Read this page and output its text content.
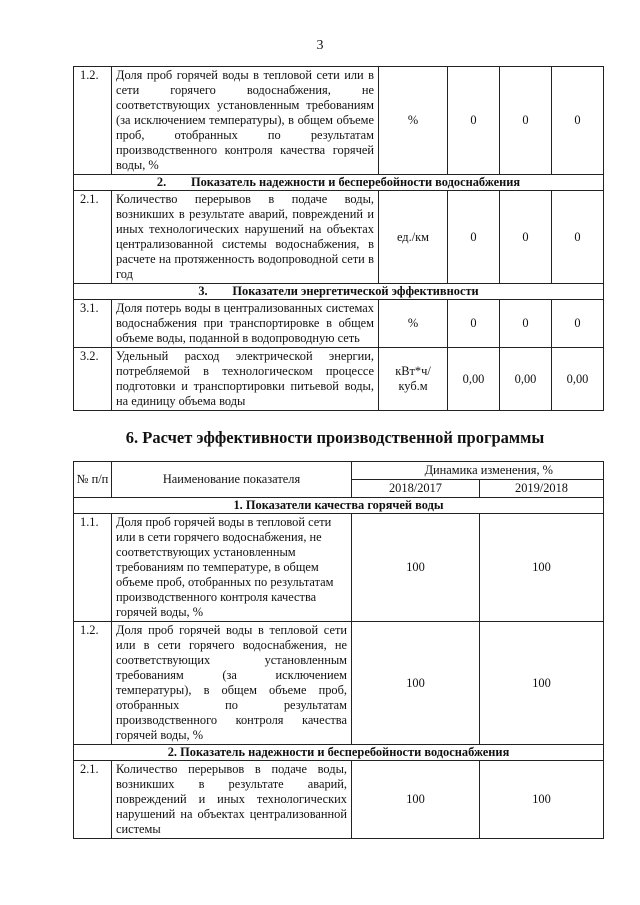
3
1.2.	Доля проб горячей воды в тепловой сети или в сети горячего водоснабжения, не соответствующих установленным требованиям (за исключением температуры), в общем объеме проб, отобранных по результатам производственного контроля качества горячей воды, %	%	0	0	0
2.        Показатель надежности и бесперебойности водоснабжения					
2.1.	Количество перерывов в подаче воды, возникших в результате аварий, повреждений и иных технологических нарушений на объектах централизованной системы водоснабжения, в расчете на протяженность водопроводной сети в год	ед./км	0	0	0
3.        Показатели энергетической эффективности					
3.1.	Доля потерь воды в централизованных системах водоснабжения при транспортировке в общем объеме воды, поданной в водопроводную сеть	%	0	0	0
3.2.	Удельный расход электрической энергии, потребляемой в технологическом процессе подготовки и транспортировки питьевой воды, на единицу объема воды	кВт*ч/ куб.м	0,00	0,00	0,00
6. Расчет эффективности производственной программы
№ п/п	Наименование показателя	Динамика изменения, %	
		2018/2017	2019/2018
1. Показатели качества горячей воды			
1.1.	Доля проб горячей воды в тепловой сети или в сети горячего водоснабжения, не соответствующих установленным требованиям по температуре, в общем объеме проб, отобранных по результатам производственного контроля качества горячей воды, %	100	100
1.2.	Доля проб горячей воды в тепловой сети или в сети горячего водоснабжения, не соответствующих установленным требованиям (за исключением температуры), в общем объеме проб, отобранных по результатам производственного контроля качества горячей воды, %	100	100
2. Показатель надежности и бесперебойности водоснабжения			
2.1.	Количество перерывов в подаче воды, возникших в результате аварий, повреждений и иных технологических нарушений на объектах централизованной системы	100	100
